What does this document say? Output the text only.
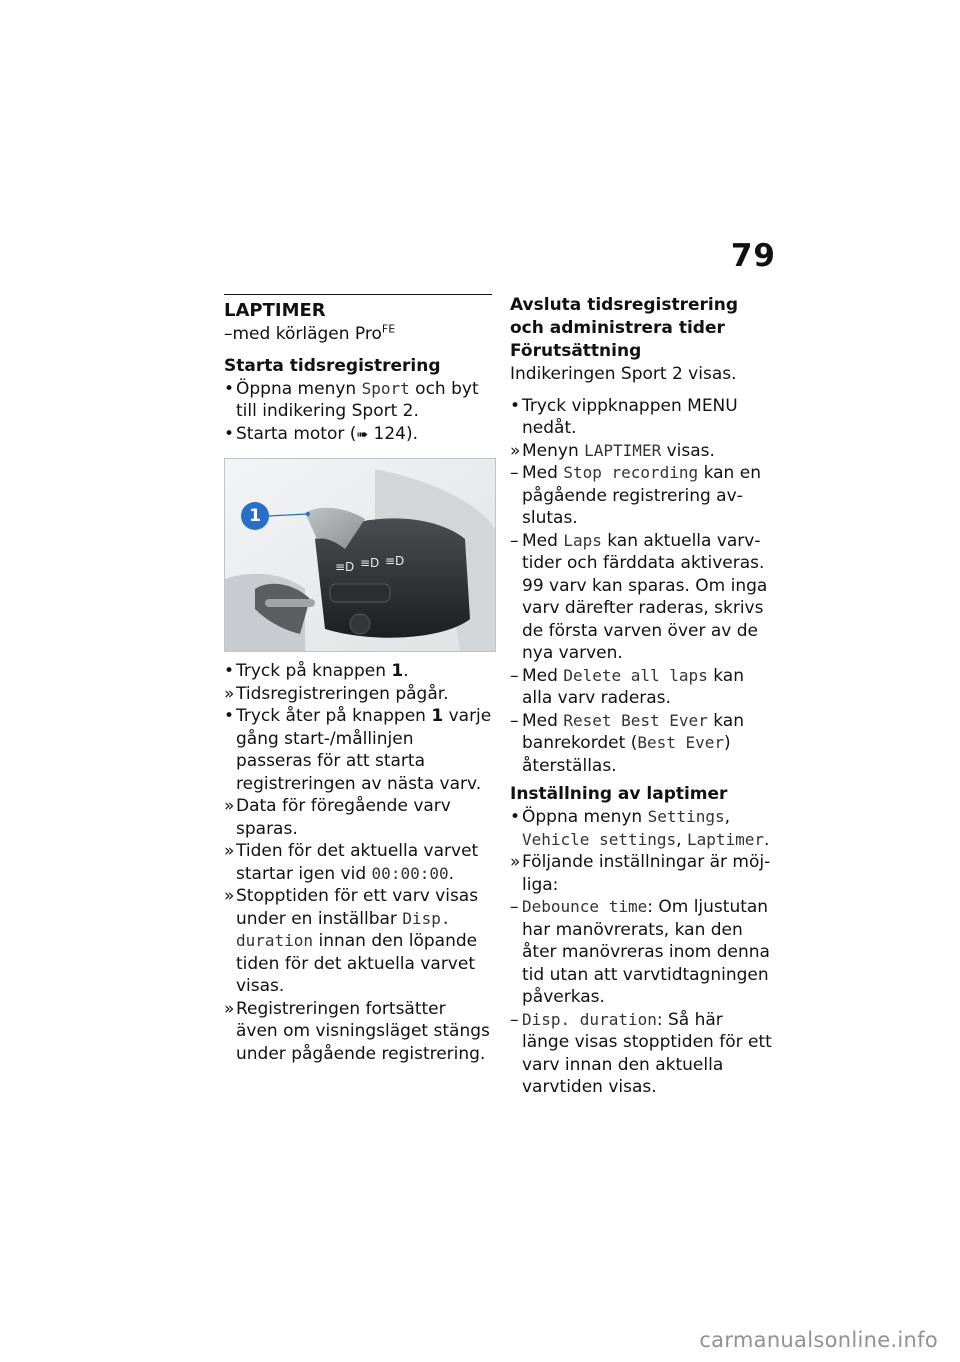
79

LAPTIMER

–med körlägen Pro$^{FE}$

Starta tidsregistrering

• Öppna menyn Sport och byt till indikering Sport 2.

• Starta motor (➠ 124).

≡D ≡D ≡D
1

• Tryck på knappen 1.

» Tidsregistreringen pågår.

• Tryck åter på knappen 1 varje gång start-/mållinjen passeras för att starta registreringen av nästa varv.

» Data för föregående varv sparas.

» Tiden för det aktuella varvet startar igen vid 00:00:00.

» Stopptiden för ett varv visas under en inställbar Disp. duration innan den löpande tiden för det aktuella varvet visas.

» Registreringen fortsätter även om visningsläget stängs under pågående registrering.

Avsluta tidsregistrering och administrera tider

Förutsättning

Indikeringen Sport 2 visas.

• Tryck vippknappen MENU nedåt.

» Menyn LAPTIMER visas.

– Med Stop recording kan en pågående registrering avslutas.

– Med Laps kan aktuella varvtider och färddata aktiveras. 99 varv kan sparas. Om inga varv därefter raderas, skrivs de första varven över av de nya varven.

– Med Delete all laps kan alla varv raderas.

– Med Reset Best Ever kan banrekordet (Best Ever) återställas.

Inställning av laptimer

• Öppna menyn Settings, Vehicle settings, Laptimer.

» Följande inställningar är möjliga:

– Debounce time: Om ljustutan har manövrerats, kan den åter manövreras inom denna tid utan att varvtidtagningen påverkas.

– Disp. duration: Så här länge visas stopptiden för ett varv innan den aktuella varvtiden visas.

carmanualsonline.info
